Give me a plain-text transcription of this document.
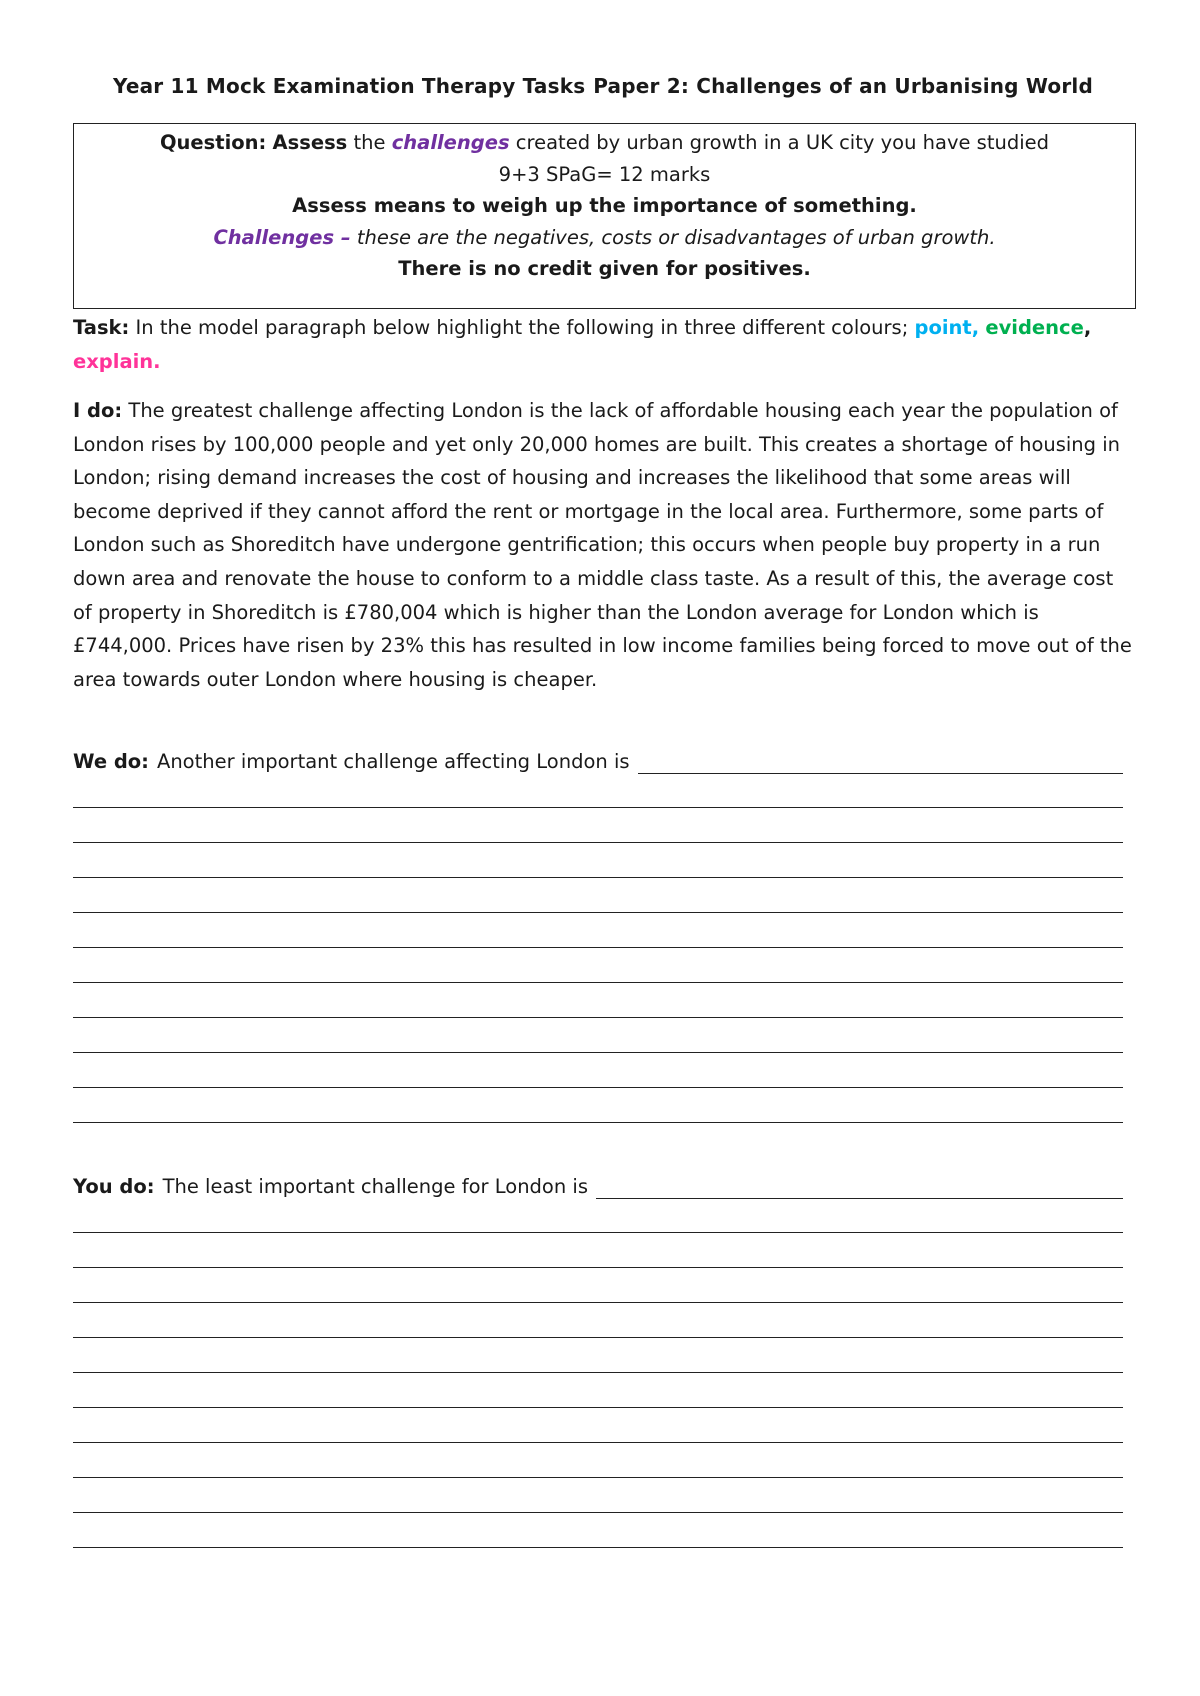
Year 11 Mock Examination Therapy Tasks Paper 2: Challenges of an Urbanising World
Question: Assess the challenges created by urban growth in a UK city you have studied
9+3 SPaG= 12 marks
Assess means to weigh up the importance of something.
Challenges – these are the negatives, costs or disadvantages of urban growth.
There is no credit given for positives.
Task: In the model paragraph below highlight the following in three different colours; point, evidence, explain.
I do: The greatest challenge affecting London is the lack of affordable housing each year the population of London rises by 100,000 people and yet only 20,000 homes are built. This creates a shortage of housing in London; rising demand increases the cost of housing and increases the likelihood that some areas will become deprived if they cannot afford the rent or mortgage in the local area. Furthermore, some parts of London such as Shoreditch have undergone gentrification; this occurs when people buy property in a run down area and renovate the house to conform to a middle class taste. As a result of this, the average cost of property in Shoreditch is £780,004 which is higher than the London average for London which is £744,000. Prices have risen by 23% this has resulted in low income families being forced to move out of the area towards outer London where housing is cheaper.
We do: Another important challenge affecting London is
You do: The least important challenge for London is
